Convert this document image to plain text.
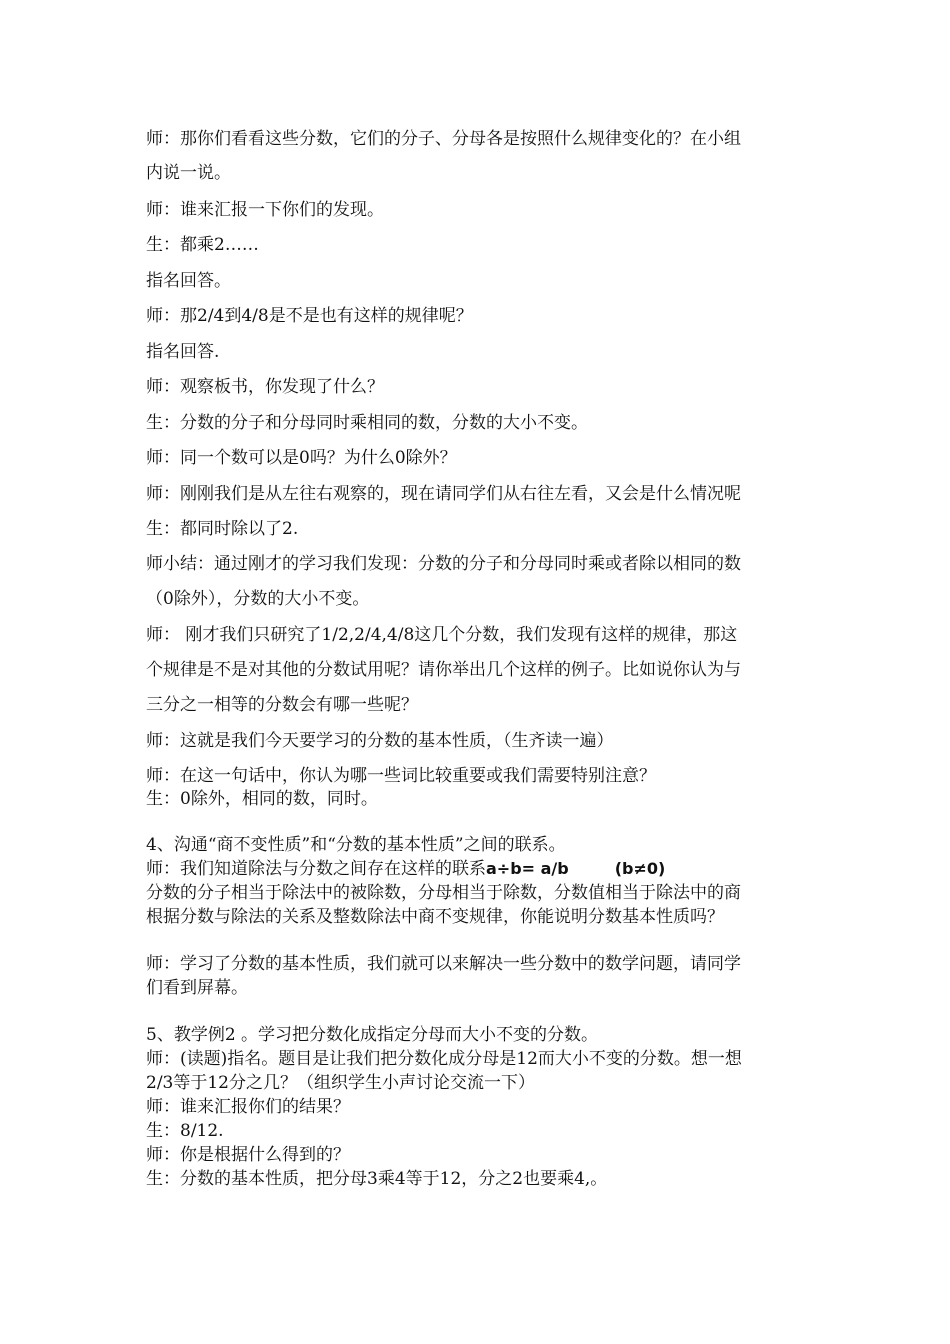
师：那你们看看这些分数，它们的分子、分母各是按照什么规律变化的？在小组
内说一说。
师：谁来汇报一下你们的发现。
生：都乘2……
指名回答。
师：那2/4到4/8是不是也有这样的规律呢？
指名回答.
师：观察板书，你发现了什么？
生：分数的分子和分母同时乘相同的数，分数的大小不变。
师：同一个数可以是0吗？为什么0除外？
师：刚刚我们是从左往右观察的，现在请同学们从右往左看，又会是什么情况呢
生：都同时除以了2.
师小结：通过刚才的学习我们发现：分数的分子和分母同时乘或者除以相同的数
（0除外），分数的大小不变。
师： 刚才我们只研究了1/2,2/4,4/8这几个分数，我们发现有这样的规律，那这
个规律是不是对其他的分数试用呢？请你举出几个这样的例子。比如说你认为与
三分之一相等的分数会有哪一些呢？
师：这就是我们今天要学习的分数的基本性质，（生齐读一遍）
师：在这一句话中，你认为哪一些词比较重要或我们需要特别注意？
生：0除外，相同的数，同时。
4、沟通“商不变性质”和“分数的基本性质”之间的联系。
师：我们知道除法与分数之间存在这样的联系a÷b= a/b	(b≠0)
分数的分子相当于除法中的被除数，分母相当于除数，分数值相当于除法中的商
根据分数与除法的关系及整数除法中商不变规律，你能说明分数基本性质吗？
师：学习了分数的基本性质，我们就可以来解决一些分数中的数学问题，请同学
们看到屏幕。
5、教学例2 。学习把分数化成指定分母而大小不变的分数。
师：(读题)指名。题目是让我们把分数化成分母是12而大小不变的分数。想一想
2/3等于12分之几？（组织学生小声讨论交流一下）
师：谁来汇报你们的结果？
生：8/12.
师：你是根据什么得到的？
生：分数的基本性质，把分母3乘4等于12，分之2也要乘4,。
